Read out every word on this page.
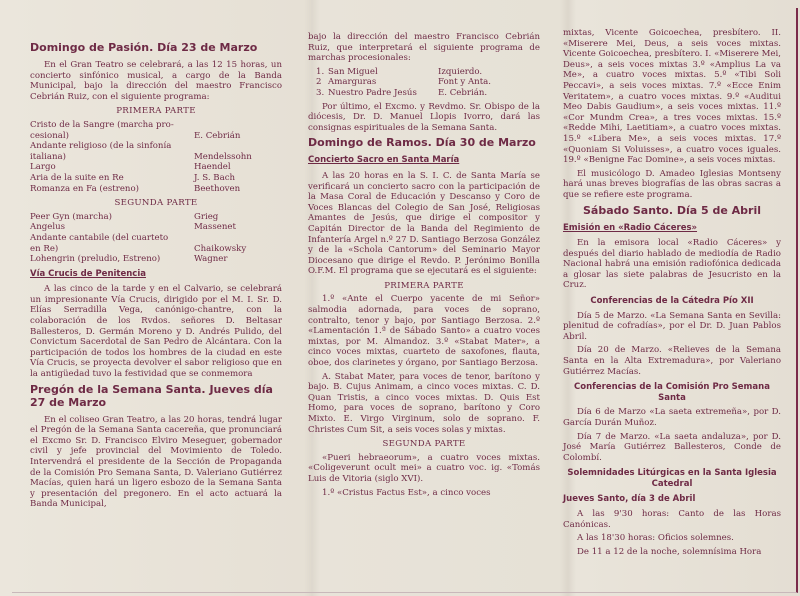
Domingo de Pasión. Día 23 de Marzo
En el Gran Teatro se celebrará, a las 12 15 horas, un concierto sinfónico musical, a cargo de la Banda Municipal, bajo la dirección del maestro Francisco Cebrián Ruiz, con el siguiente programa:
PRIMERA PARTE
Cristo de la Sangre (marcha pro-
cesional)	E. Cebrián
Andante religioso (de la sinfonía
italiana)	Mendelssohn
Largo	Haendel
Aria de la suite en Re	J. S. Bach
Romanza en Fa (estreno)	Beethoven
SEGUNDA PARTE
Peer Gyn (marcha)	Grieg
Angelus	Massenet
Andante cantabile (del cuarteto
en Re)	Chaikowsky
Lohengrin (preludio, Estreno)	Wagner
Vía Crucis de Penitencia
A las cinco de la tarde y en el Calvario, se celebrará un impresionante Vía Crucis, dirigido por el M. I. Sr. D. Elías Serradilla Vega, canónigo-chantre, con la colaboración de los Rvdos. señores D. Beltasar Ballesteros, D. Germán Moreno y D. Andrés Pulido, del Convictum Sacerdotal de San Pedro de Alcántara. Con la participación de todos los hombres de la ciudad en este Vía Crucis, se proyecta devolver el sabor religioso que en la antigüedad tuvo la festividad que se conmemora
Pregón de la Semana Santa. Jueves día 27 de Marzo
En el coliseo Gran Teatro, a las 20 horas, tendrá lugar el Pregón de la Semana Santa cacereña, que pronunciará el Excmo Sr. D. Francisco Elviro Meseguer, gobernador civil y jefe provincial del Movimiento de Toledo. Intervendrá el presidente de la Sección de Propaganda de la Comisión Pro Semana Santa, D. Valeriano Gutiérrez Macías, quien hará un ligero esbozo de la Semana Santa y presentación del pregonero. En el acto actuará la Banda Municipal,
bajo la dirección del maestro Francisco Cebrián Ruiz, que interpretará el siguiente programa de marchas procesionales:
1. San Miguel	Izquierdo.
2 Amarguras	Font y Anta.
3. Nuestro Padre Jesús	E. Cebrián.
Por último, el Excmo. y Revdmo. Sr. Obispo de la diócesis, Dr. D. Manuel Llopis Ivorro, dará las consignas espirituales de la Semana Santa.
Domingo de Ramos. Día 30 de Marzo
Concierto Sacro en Santa María
A las 20 horas en la S. I. C. de Santa María se verificará un concierto sacro con la participación de la Masa Coral de Educación y Descanso y Coro de Voces Blancas del Colegio de San José, Religiosas Amantes de Jesús, que dirige el compositor y Capitán Director de la Banda del Regimiento de Infantería Argel n.º 27 D. Santiago Berzosa González y de la «Schola Cantorum» del Seminario Mayor Diocesano que dirige el Revdo. P. Jerónimo Bonilla O.F.M. El programa que se ejecutará es el siguiente:
PRIMERA PARTE
1.º «Ante el Cuerpo yacente de mi Señor» salmodia adornada, para voces de soprano, contralto, tenor y bajo, por Santiago Berzosa. 2.º «Lamentación 1.ª de Sábado Santo» a cuatro voces mixtas, por M. Almandoz. 3.º «Stabat Mater», a cinco voces mixtas, cuarteto de saxofones, flauta, oboe, dos clarinetes y órgano, por Santiago Berzosa.
A. Stabat Mater, para voces de tenor, barítono y bajo. B. Cujus Animam, a cinco voces mixtas. C. D. Quan Tristis, a cinco voces mixtas. D. Quis Est Homo, para voces de soprano, barítono y Coro Mixto. E. Virgo Virginum, solo de soprano. F. Christes Cum Sit, a seis voces solas y mixtas.
SEGUNDA PARTE
«Pueri hebraeorum», a cuatro voces mixtas. «Coligeverunt ocult mei» a cuatro voc. ig. «Tomás Luis de Vitoria (siglo XVI).
1.º «Cristus Factus Est», a cinco voces
mixtas, Vicente Goicoechea, presbítero. II. «Miserere Mei, Deus, a seis voces mixtas. Vicente Goicoechea, presbítero. I. «Miserere Mei, Deus», a seis voces mixtas 3.º «Amplius La va Me», a cuatro voces mixtas. 5.º «Tibi Soli Peccavi», a seis voces mixtas. 7.º «Ecce Enim Veritatem», a cuatro voces mixtas. 9.º «Auditui Meo Dabis Gaudium», a seis voces mixtas. 11.º «Cor Mundm Crea», a tres voces mixtas. 15.º «Redde Mihi, Laetitiam», a cuatro voces mixtas. 15.º «Libera Me», a seis voces mixtas. 17.º «Quoniam Si Voluisses», a cuatro voces iguales. 19.º «Benigne Fac Domine», a seis voces mixtas.
El musicólogo D. Amadeo Iglesias Montseny hará unas breves biografías de las obras sacras a que se refiere este programa.
Sábado Santo. Día 5 de Abril
Emisión en «Radio Cáceres»
En la emisora local «Radio Cáceres» y después del diario hablado de mediodía de Radio Nacional habrá una emisión radiofónica dedicada a glosar las siete palabras de Jesucristo en la Cruz.
Conferencias de la Cátedra Pío XII
Día 5 de Marzo. «La Semana Santa en Sevilla: plenitud de cofradías», por el Dr. D. Juan Pablos Abril.
Día 20 de Marzo. «Relieves de la Semana Santa en la Alta Extremadura», por Valeriano Gutiérrez Macías.
Conferencias de la Comisión Pro Semana Santa
Día 6 de Marzo «La saeta extremeña», por D. García Durán Muñoz.
Día 7 de Marzo. «La saeta andaluza», por D. José María Gutiérrez Ballesteros, Conde de Colombí.
Solemnidades Litúrgicas en la Santa Iglesia Catedral
Jueves Santo, día 3 de Abril
A las 9'30 horas: Canto de las Horas Canónicas.
A las 18'30 horas: Oficios solemnes.
De 11 a 12 de la noche, solemnísima Hora
